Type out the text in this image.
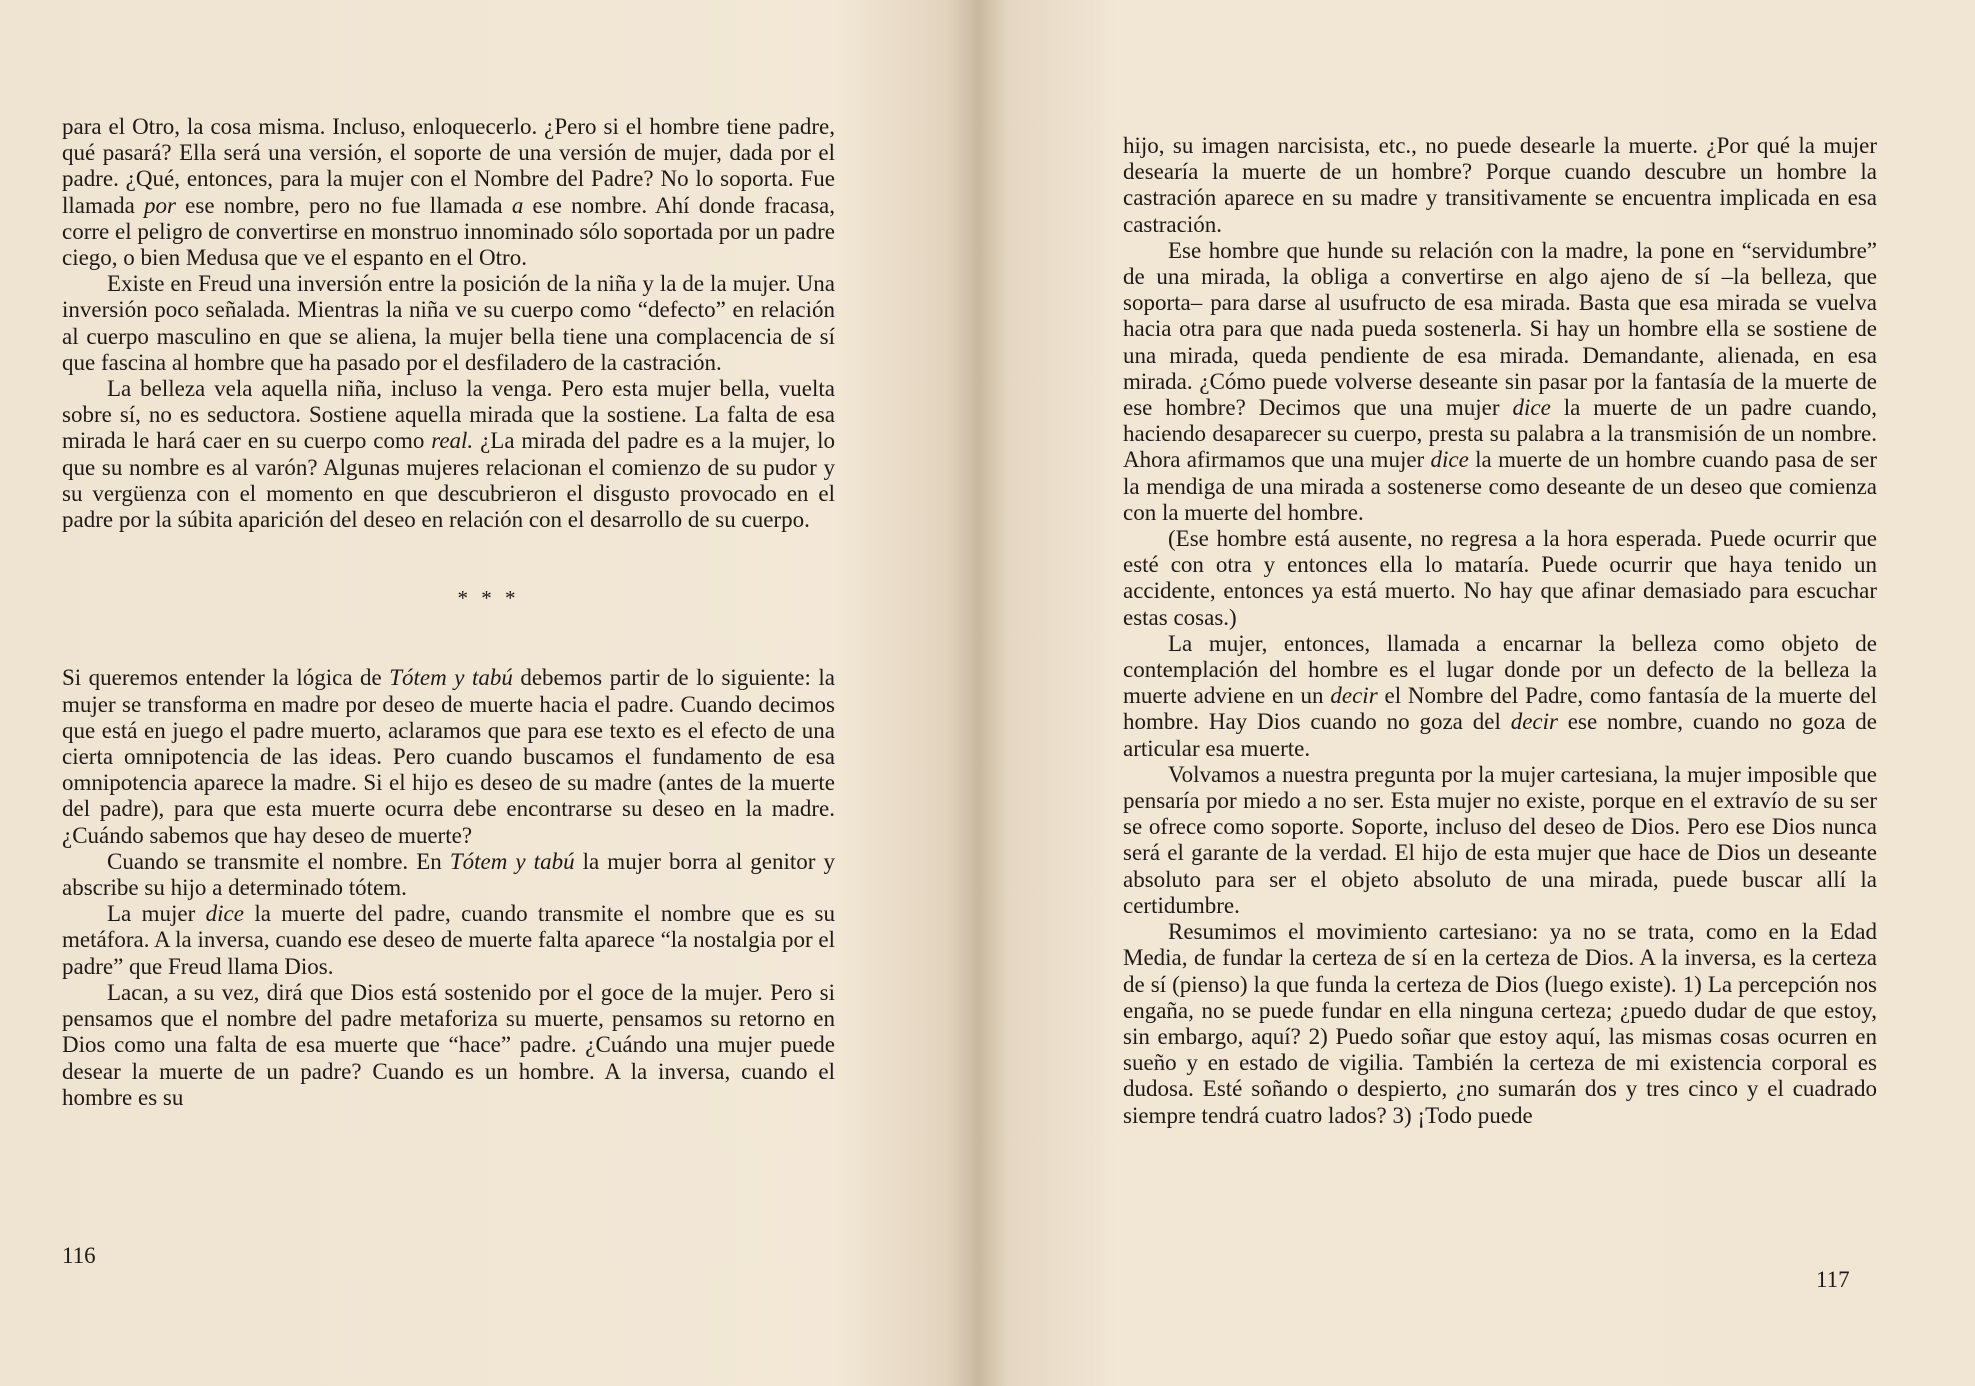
para el Otro, la cosa misma. Incluso, enloquecerlo. ¿Pero si el hombre tiene padre, qué pasará? Ella será una versión, el soporte de una versión de mujer, dada por el padre. ¿Qué, entonces, para la mujer con el Nombre del Padre? No lo soporta. Fue llamada por ese nombre, pero no fue llamada a ese nombre. Ahí donde fracasa, corre el peligro de convertirse en monstruo innominado sólo soportada por un padre ciego, o bien Medusa que ve el espanto en el Otro.

Existe en Freud una inversión entre la posición de la niña y la de la mujer. Una inversión poco señalada. Mientras la niña ve su cuerpo como “defecto” en relación al cuerpo masculino en que se aliena, la mujer bella tiene una complacencia de sí que fascina al hombre que ha pasado por el desfiladero de la castración.

La belleza vela aquella niña, incluso la venga. Pero esta mujer bella, vuelta sobre sí, no es seductora. Sostiene aquella mirada que la sostiene. La falta de esa mirada le hará caer en su cuerpo como real. ¿La mirada del padre es a la mujer, lo que su nombre es al varón? Algunas mujeres relacionan el comienzo de su pudor y su vergüenza con el momento en que descubrieron el disgusto provocado en el padre por la súbita aparición del deseo en relación con el desarrollo de su cuerpo.

* * *

Si queremos entender la lógica de Tótem y tabú debemos partir de lo siguiente: la mujer se transforma en madre por deseo de muerte hacia el padre. Cuando decimos que está en juego el padre muerto, aclaramos que para ese texto es el efecto de una cierta omnipotencia de las ideas. Pero cuando buscamos el fundamento de esa omnipotencia aparece la madre. Si el hijo es deseo de su madre (antes de la muerte del padre), para que esta muerte ocurra debe encontrarse su deseo en la madre. ¿Cuándo sabemos que hay deseo de muerte?

Cuando se transmite el nombre. En Tótem y tabú la mujer borra al genitor y abscribe su hijo a determinado tótem.

La mujer dice la muerte del padre, cuando transmite el nombre que es su metáfora. A la inversa, cuando ese deseo de muerte falta aparece “la nostalgia por el padre” que Freud llama Dios.

Lacan, a su vez, dirá que Dios está sostenido por el goce de la mujer. Pero si pensamos que el nombre del padre metaforiza su muerte, pensamos su retorno en Dios como una falta de esa muerte que “hace” padre. ¿Cuándo una mujer puede desear la muerte de un padre? Cuando es un hombre. A la inversa, cuando el hombre es su

116

hijo, su imagen narcisista, etc., no puede desearle la muerte. ¿Por qué la mujer desearía la muerte de un hombre? Porque cuando descubre un hombre la castración aparece en su madre y transitivamente se encuentra implicada en esa castración.

Ese hombre que hunde su relación con la madre, la pone en “servidumbre” de una mirada, la obliga a convertirse en algo ajeno de sí –la belleza, que soporta– para darse al usufructo de esa mirada. Basta que esa mirada se vuelva hacia otra para que nada pueda sostenerla. Si hay un hombre ella se sostiene de una mirada, queda pendiente de esa mirada. Demandante, alienada, en esa mirada. ¿Cómo puede volverse deseante sin pasar por la fantasía de la muerte de ese hombre? Decimos que una mujer dice la muerte de un padre cuando, haciendo desaparecer su cuerpo, presta su palabra a la transmisión de un nombre. Ahora afirmamos que una mujer dice la muerte de un hombre cuando pasa de ser la mendiga de una mirada a sostenerse como deseante de un deseo que comienza con la muerte del hombre.

(Ese hombre está ausente, no regresa a la hora esperada. Puede ocurrir que esté con otra y entonces ella lo mataría. Puede ocurrir que haya tenido un accidente, entonces ya está muerto. No hay que afinar demasiado para escuchar estas cosas.)

La mujer, entonces, llamada a encarnar la belleza como objeto de contemplación del hombre es el lugar donde por un defecto de la belleza la muerte adviene en un decir el Nombre del Padre, como fantasía de la muerte del hombre. Hay Dios cuando no goza del decir ese nombre, cuando no goza de articular esa muerte.

Volvamos a nuestra pregunta por la mujer cartesiana, la mujer imposible que pensaría por miedo a no ser. Esta mujer no existe, porque en el extravío de su ser se ofrece como soporte. Soporte, incluso del deseo de Dios. Pero ese Dios nunca será el garante de la verdad. El hijo de esta mujer que hace de Dios un deseante absoluto para ser el objeto absoluto de una mirada, puede buscar allí la certidumbre.

Resumimos el movimiento cartesiano: ya no se trata, como en la Edad Media, de fundar la certeza de sí en la certeza de Dios. A la inversa, es la certeza de sí (pienso) la que funda la certeza de Dios (luego existe). 1) La percepción nos engaña, no se puede fundar en ella ninguna certeza; ¿puedo dudar de que estoy, sin embargo, aquí? 2) Puedo soñar que estoy aquí, las mismas cosas ocurren en sueño y en estado de vigilia. También la certeza de mi existencia corporal es dudosa. Esté soñando o despierto, ¿no sumarán dos y tres cinco y el cuadrado siempre tendrá cuatro lados? 3) ¡Todo puede

117
